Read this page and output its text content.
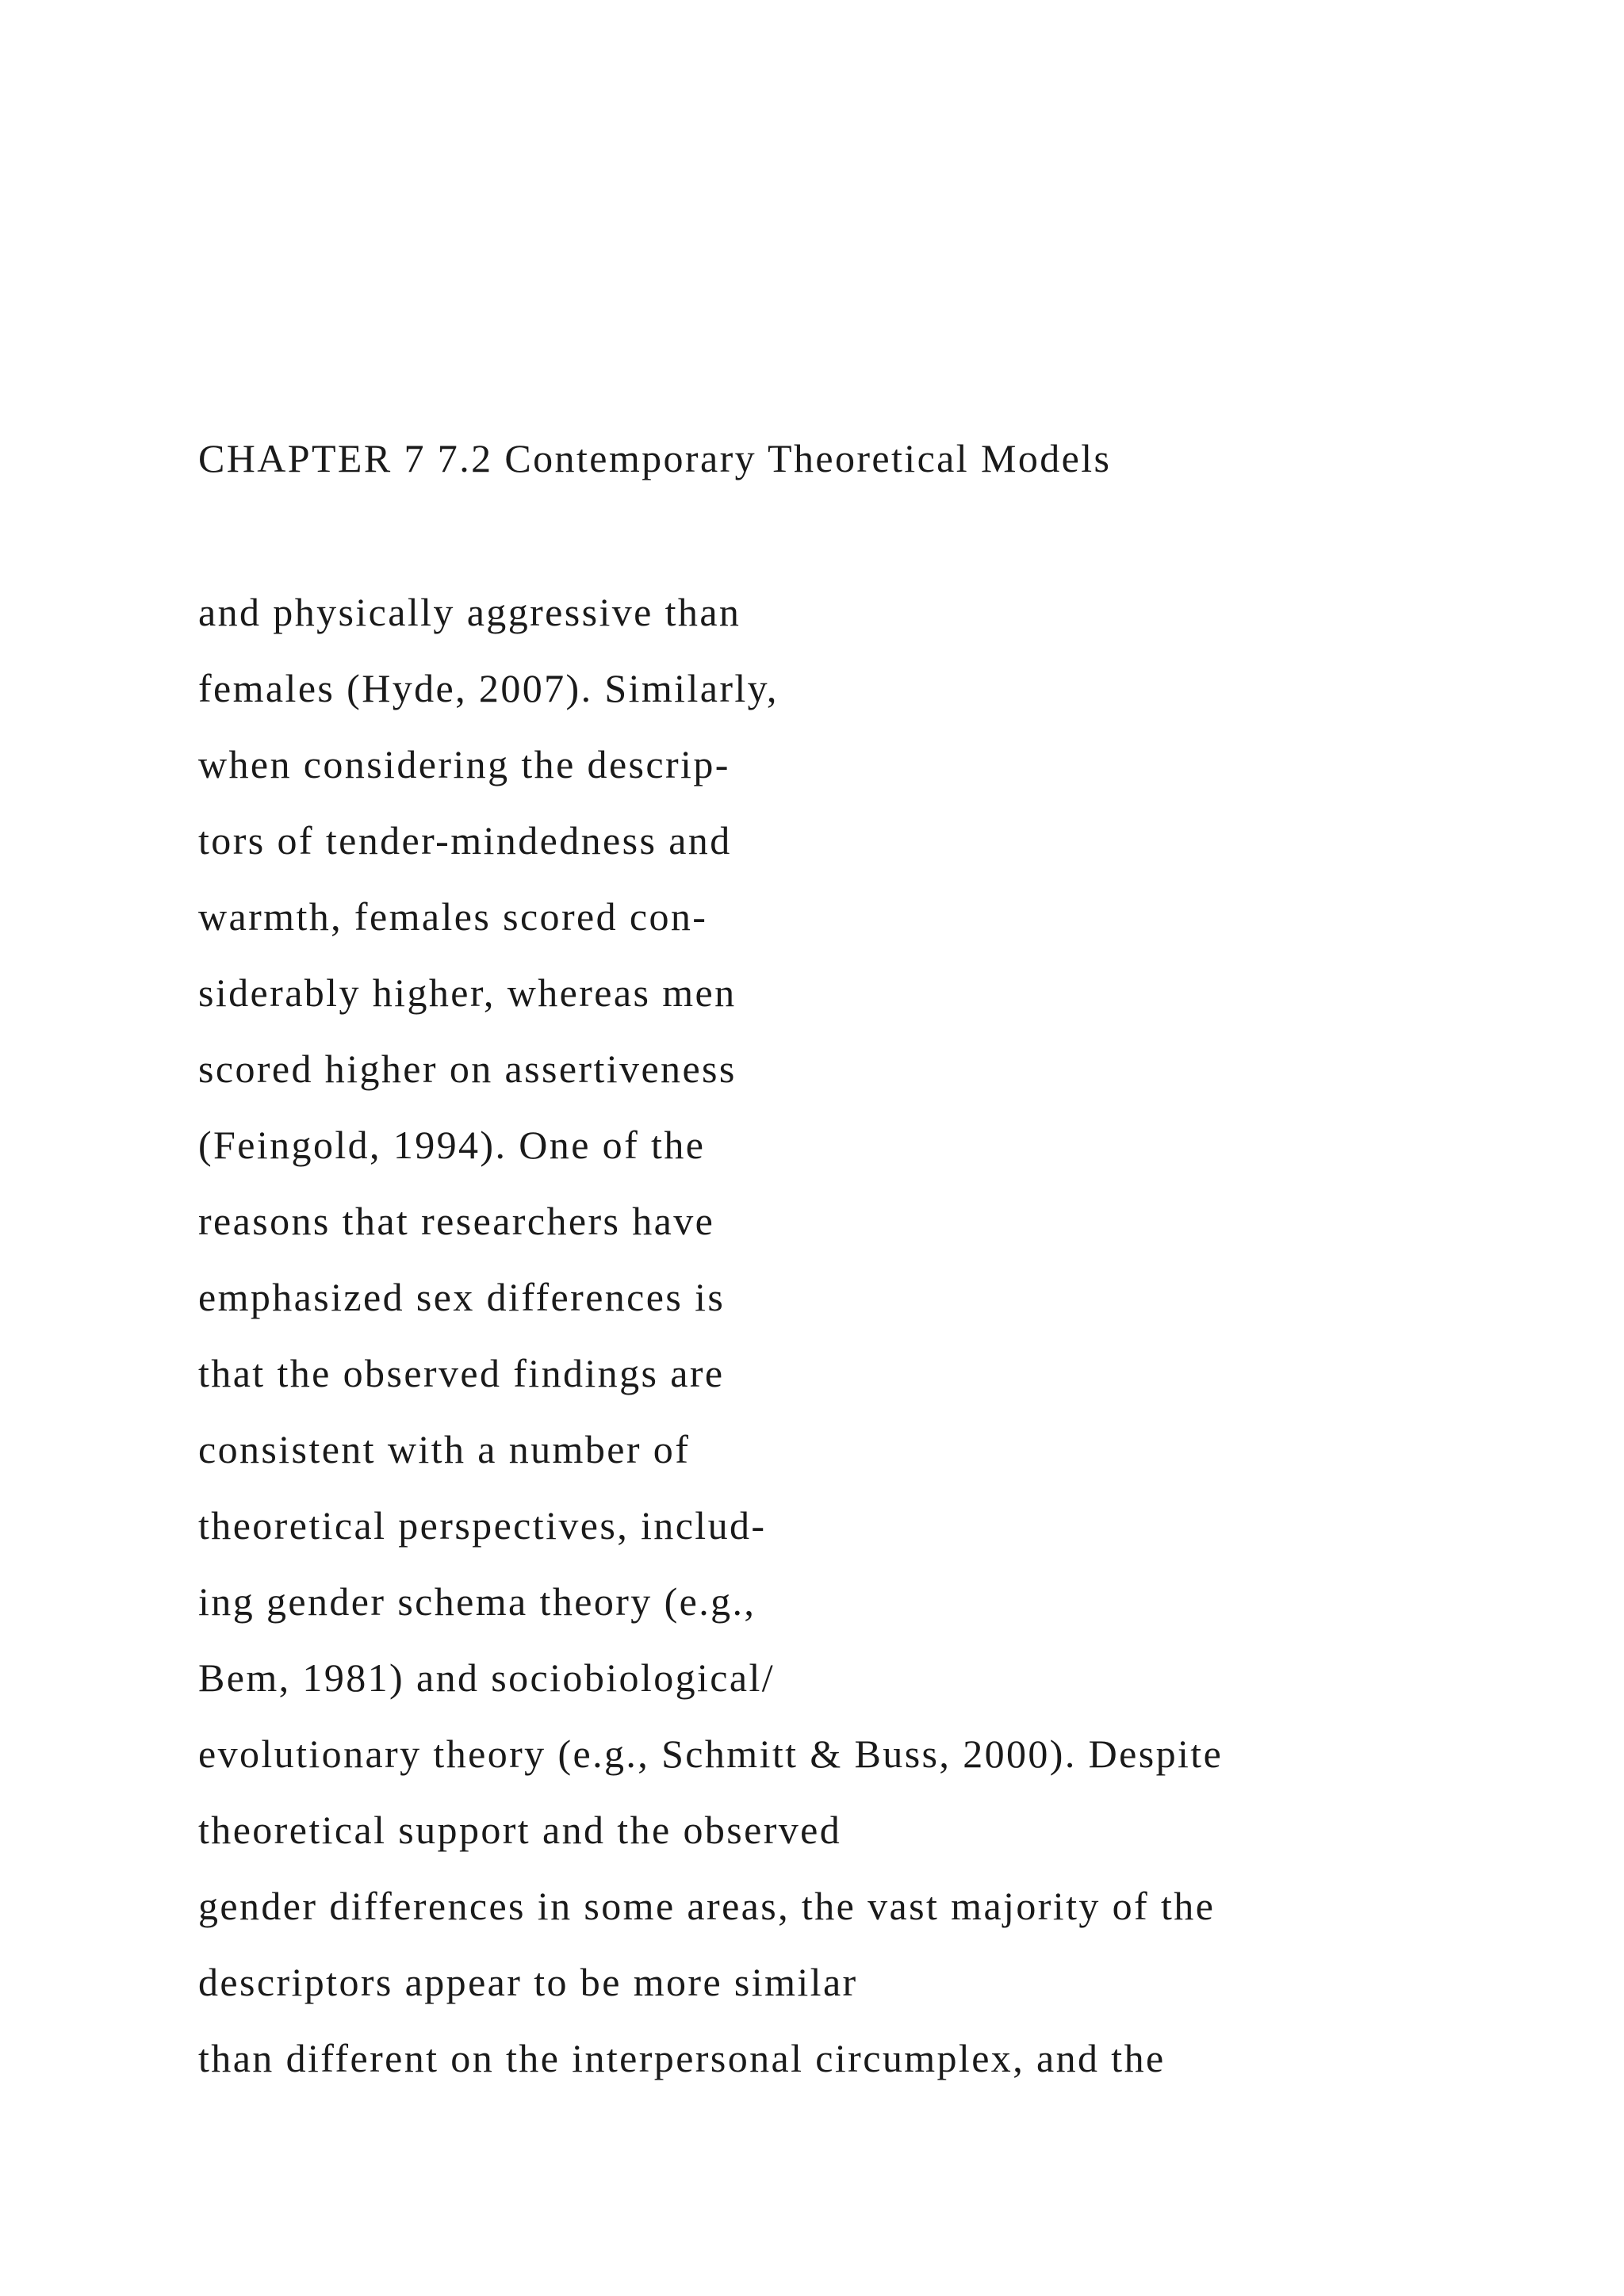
CHAPTER 7 7.2 Contemporary Theoretical Models
and physically aggressive than
females (Hyde, 2007). Similarly,
when considering the descrip-
tors of tender-mindedness and
warmth, females scored con-
siderably higher, whereas men
scored higher on assertiveness
(Feingold, 1994). One of the
reasons that researchers have
emphasized sex differences is
that the observed findings are
consistent with a number of
theoretical perspectives, includ-
ing gender schema theory (e.g.,
Bem, 1981) and sociobiological/
evolutionary theory (e.g., Schmitt & Buss, 2000). Despite
theoretical support and the observed
gender differences in some areas, the vast majority of the
descriptors appear to be more similar
than different on the interpersonal circumplex, and the
